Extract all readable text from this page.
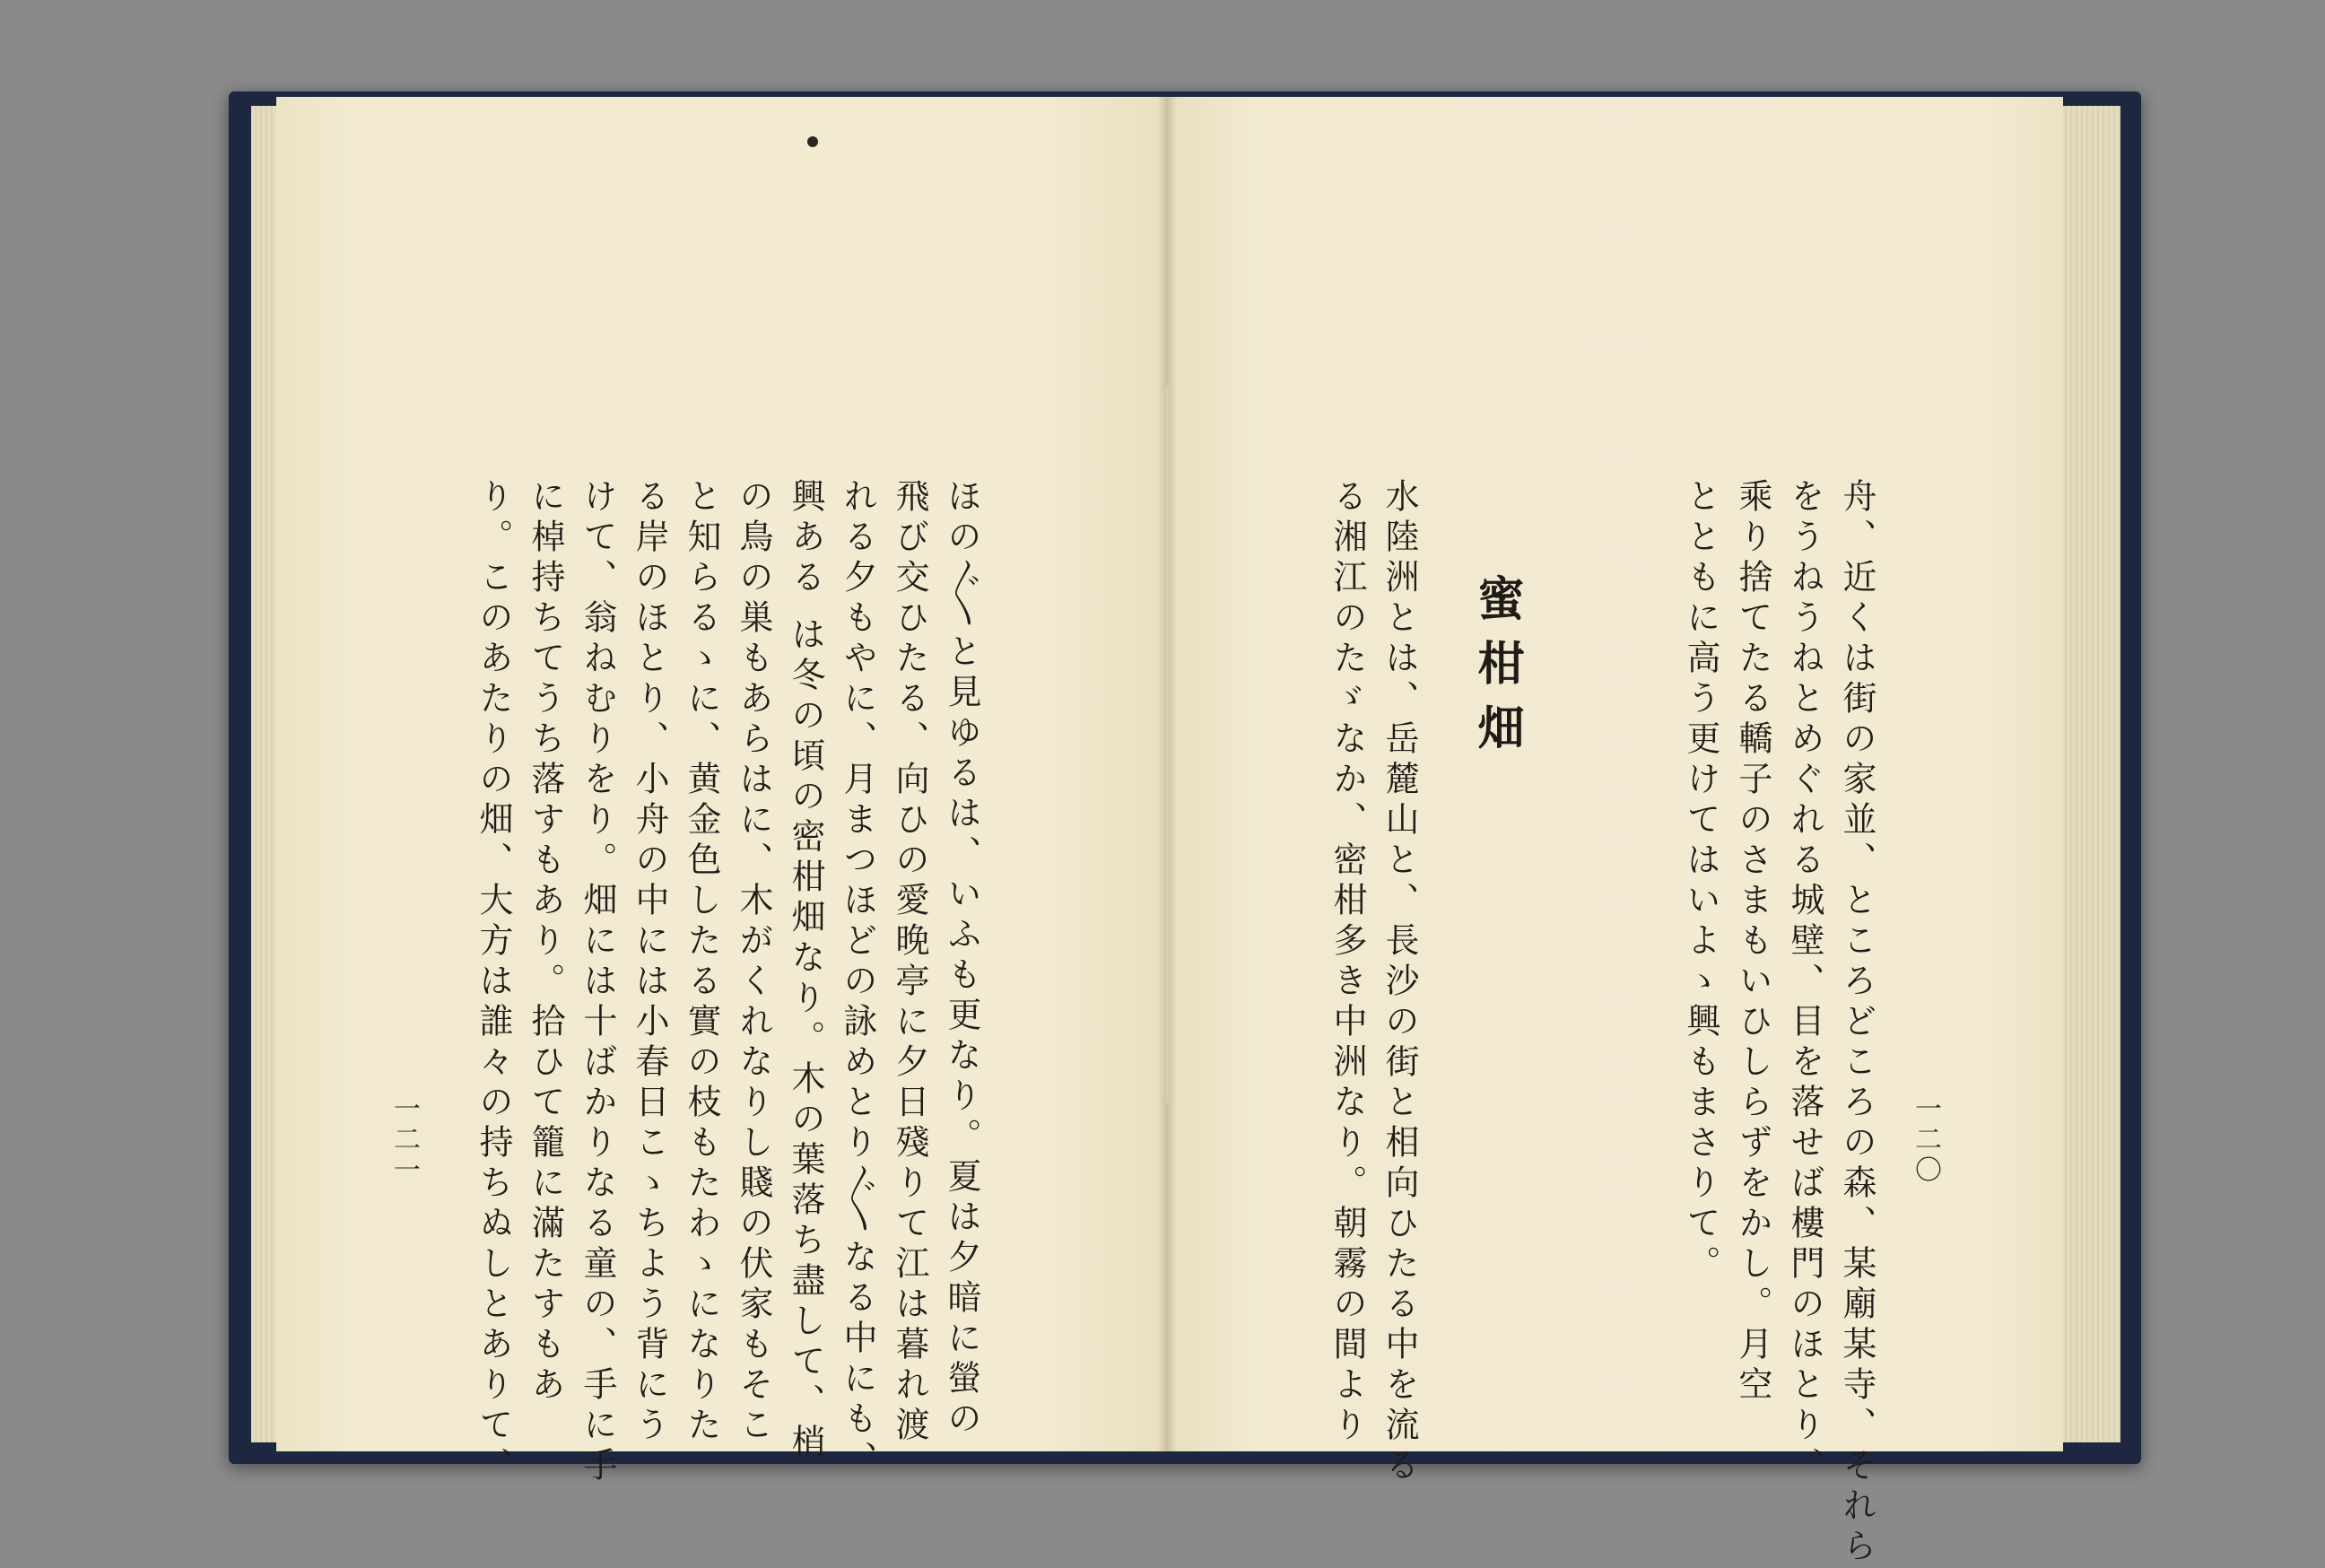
舟、近くは街の家並、ところどころの森、某廟某寺、それら
をうねうねとめぐれる城壁、目を落せば樓門のほとり、
乘り捨てたる轎子のさまもいひしらずをかし。月空
とともに高う更けてはいよゝ興もまさりて。
蜜柑畑
水陸洲とは、岳麓山と、長沙の街と相向ひたる中を流る
る湘江のたゞなか、密柑多き中洲なり。朝霧の間より	一二〇
ほの〴〵と見ゆるは、いふも更なり。夏は夕暗に螢の
飛び交ひたる、向ひの愛晚亭に夕日殘りて江は暮れ渡
れる夕もやに、月まつほどの詠めとり〴〵なる中にも、
興ある は冬の頃の密柑畑なり。木の葉落ち盡して、梢
の鳥の巣もあらはに、木がくれなりし賤の伏家もそこ
と知らるゝに、黄金色したる實の枝もたわゝになりた
る岸のほとり、小舟の中には小春日こゝちよう背にう
けて、翁ねむりをり。畑には十ばかりなる童の、手に手
に棹持ちてうち落すもあり。拾ひて籠に滿たすもあ
り。このあたりの畑、大方は誰々の持ちぬしとありて、
一二一
